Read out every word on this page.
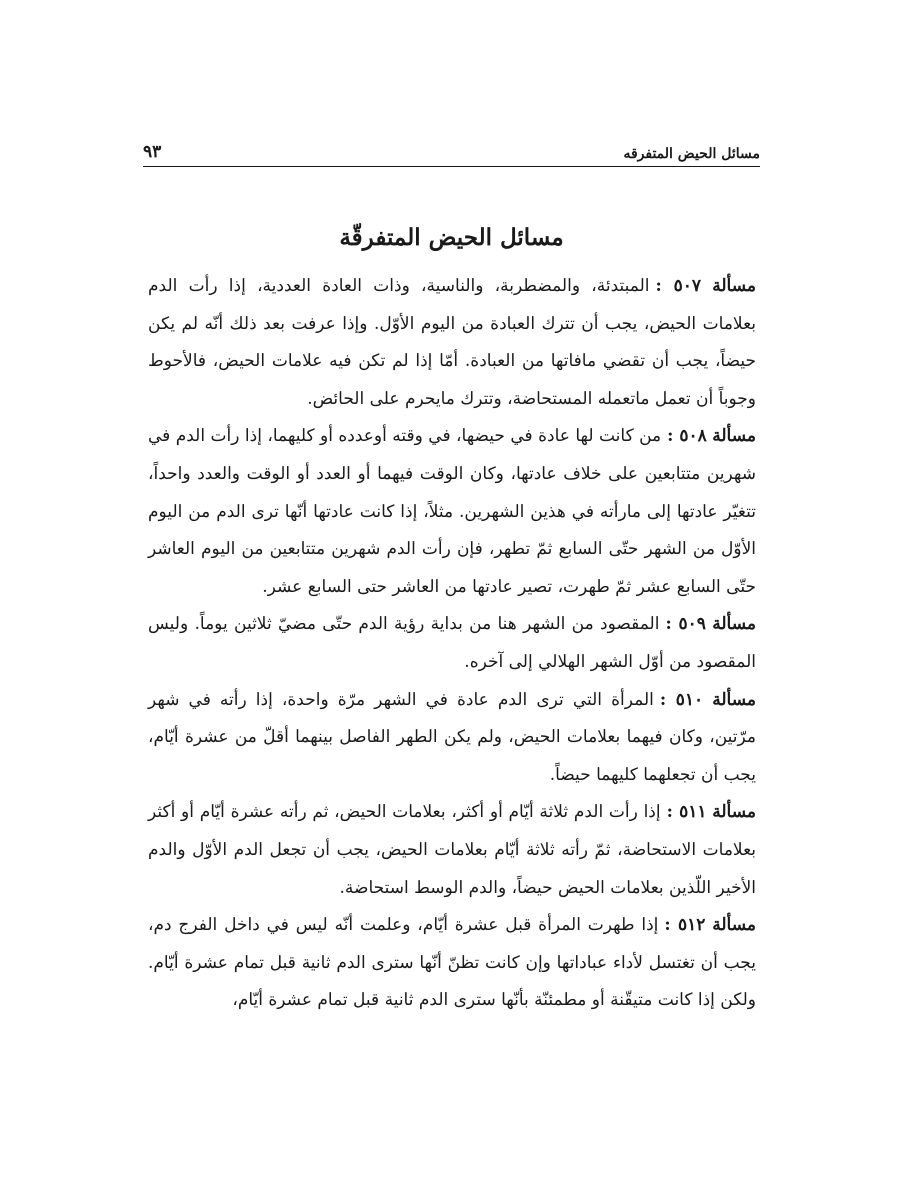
مسائل الحيض المتفرقه
٩٣
مسائل الحيض المتفرقّة

مسألة ٥٠٧ :المبتدئة، والمضطربة، والناسية، وذات العادة العددية، إذا رأت الدم بعلامات الحيض، يجب أن تترك العبادة من اليوم الأوّل. وإذا عرفت بعد ذلك أنّه لم يكن حيضاً، يجب أن تقضي مافاتها من العبادة. أمّا إذا لم تكن فيه علامات الحيض، فالأحوط وجوباً أن تعمل ماتعمله المستحاضة، وتترك مايحرم على الحائض.

مسألة ٥٠٨ :من كانت لها عادة في حيضها، في وقته أوعدده أو كليهما، إذا رأت الدم في شهرين متتابعين على خلاف عادتها، وكان الوقت فيهما أو العدد أو الوقت والعدد واحداً، تتغيّر عادتها إلى مارأته في هذين الشهرين. مثلاً، إذا كانت عادتها أنّها ترى الدم من اليوم الأوّل من الشهر حتّى السابع ثمّ تطهر، فإن رأت الدم شهرين متتابعين من اليوم العاشر حتّى السابع عشر ثمّ طهرت، تصير عادتها من العاشر حتى السابع عشر.

مسألة ٥٠٩ :المقصود من الشهر هنا من بداية رؤية الدم حتّى مضيّ ثلاثين يوماً. وليس المقصود من أوّل الشهر الهلالي إلى آخره.

مسألة ٥١٠ :المرأة التي ترى الدم عادة في الشهر مرّة واحدة، إذا رأته في شهر مرّتين، وكان فيهما بعلامات الحيض، ولم يكن الطهر الفاصل بينهما أقلّ من عشرة أيّام، يجب أن تجعلهما كليهما حيضاً.

مسألة ٥١١ :إذا رأت الدم ثلاثة أيّام أو أكثر، بعلامات الحيض، ثم رأته عشرة أيّام أو أكثر بعلامات الاستحاضة، ثمّ رأته ثلاثة أيّام بعلامات الحيض، يجب أن تجعل الدم الأوّل والدم الأخير اللّذين بعلامات الحيض حيضاً، والدم الوسط استحاضة.

مسألة ٥١٢ :إذا طهرت المرأة قبل عشرة أيّام، وعلمت أنّه ليس في داخل الفرج دم، يجب أن تغتسل لأداء عباداتها وإن كانت تظنّ أنّها سترى الدم ثانية قبل تمام عشرة أيّام. ولكن إذا كانت متيقّنة أو مطمئنّة بأنّها سترى الدم ثانية قبل تمام عشرة أيّام،
